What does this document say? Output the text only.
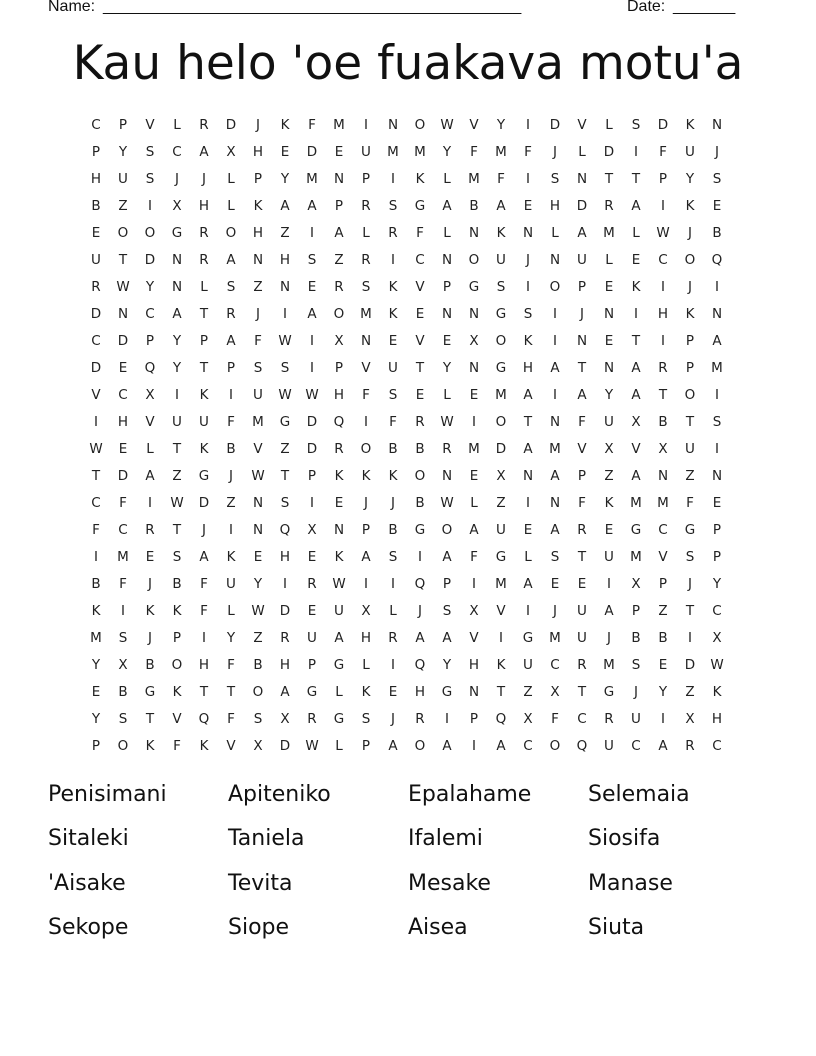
Name: _______________________________________________	Date: _______
Kau helo 'oe fuakava motu'a
C	P	V	L	R	D	J	K	F	M	I	N	O	W	V	Y	I	D	V	L	S	D	K	N
P	Y	S	C	A	X	H	E	D	E	U	M	M	Y	F	M	F	J	L	D	I	F	U	J
H	U	S	J	J	L	P	Y	M	N	P	I	K	L	M	F	I	S	N	T	T	P	Y	S
B	Z	I	X	H	L	K	A	A	P	R	S	G	A	B	A	E	H	D	R	A	I	K	E
E	O	O	G	R	O	H	Z	I	A	L	R	F	L	N	K	N	L	A	M	L	W	J	B
U	T	D	N	R	A	N	H	S	Z	R	I	C	N	O	U	J	N	U	L	E	C	O	Q
R	W	Y	N	L	S	Z	N	E	R	S	K	V	P	G	S	I	O	P	E	K	I	J	I
D	N	C	A	T	R	J	I	A	O	M	K	E	N	N	G	S	I	J	N	I	H	K	N
C	D	P	Y	P	A	F	W	I	X	N	E	V	E	X	O	K	I	N	E	T	I	P	A
D	E	Q	Y	T	P	S	S	I	P	V	U	T	Y	N	G	H	A	T	N	A	R	P	M
V	C	X	I	K	I	U	W W	H	F	S	E	L	E	M	A	I	A	Y	A	T	O	I
I	H	V	U	U	F	M	G	D	Q	I	F	R	W	I	O	T	N	F	U	X	B	T	S
W	E	L	T	K	B	V	Z	D	R	O	B	B	R	M	D	A	M	V	X	V	X	U	I
T	D	A	Z	G	J	W	T	P	K	K	K	O	N	E	X	N	A	P	Z	A	N	Z	N
C	F	I	W	D	Z	N	S	I	E	J	J	B	W	L	Z	I	N	F	K	M	M	F	E
F	C	R	T	J	I	N	Q	X	N	P	B	G	O	A	U	E	A	R	E	G	C	G	P
I	M	E	S	A	K	E	H	E	K	A	S	I	A	F	G	L	S	T	U	M	V	S	P
B	F	J	B	F	U	Y	I	R	W	I	I	Q	P	I	M	A	E	E	I	X	P	J	Y
K	I	K	K	F	L	W	D	E	U	X	L	J	S	X	V	I	J	U	A	P	Z	T	C
M	S	J	P	I	Y	Z	R	U	A	H	R	A	A	V	I	G	M	U	J	B	B	I	X
Y	X	B	O	H	F	B	H	P	G	L	I	Q	Y	H	K	U	C	R	M	S	E	D	W
E	B	G	K	T	T	O	A	G	L	K	E	H	G	N	T	Z	X	T	G	J	Y	Z	K
Y	S	T	V	Q	F	S	X	R	G	S	J	R	I	P	Q	X	F	C	R	U	I	X	H
P	O	K	F	K	V	X	D	W	L	P	A	O	A	I	A	C	O	Q	U	C	A	R	C
Penisimani	Apiteniko	Epalahame	Selemaia
Sitaleki	Taniela	Ifalemi	Siosifa
'Aisake	Tevita	Mesake	Manase
Sekope	Siope	Aisea	Siuta
